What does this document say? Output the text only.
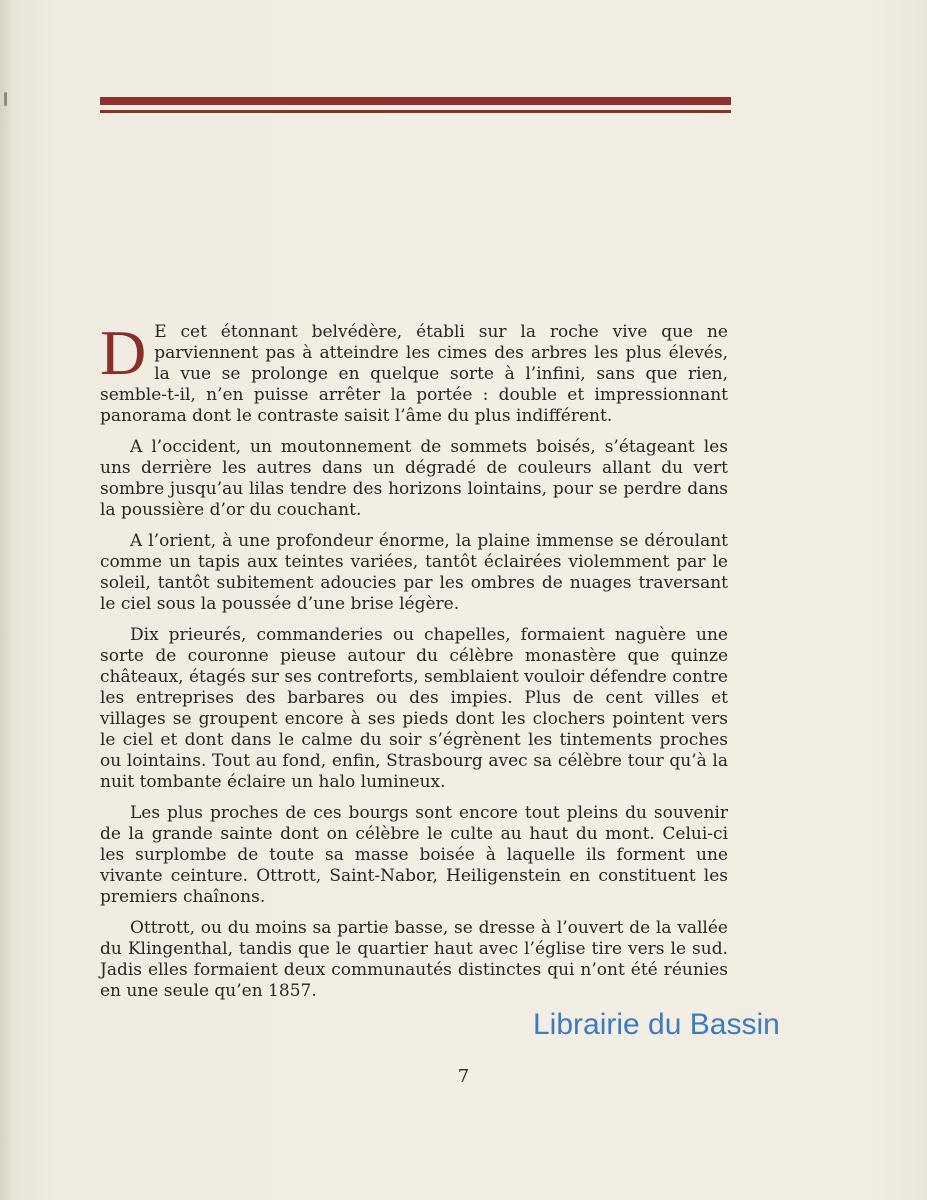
D E cet étonnant belvédère, établi sur la roche vive que ne parviennent pas à atteindre les cimes des arbres les plus élevés, la vue se prolonge en quelque sorte à l’infini, sans que rien, semble-t-il, n’en puisse arrêter la portée : double et impressionnant panorama dont le contraste saisit l’âme du plus indifférent.

A l’occident, un moutonnement de sommets boisés, s’étageant les uns derrière les autres dans un dégradé de couleurs allant du vert sombre jusqu’au lilas tendre des horizons lointains, pour se perdre dans la poussière d’or du couchant.

A l’orient, à une profondeur énorme, la plaine immense se déroulant comme un tapis aux teintes variées, tantôt éclairées violemment par le soleil, tantôt subitement adoucies par les ombres de nuages traversant le ciel sous la poussée d’une brise légère.

Dix prieurés, commanderies ou chapelles, formaient naguère une sorte de couronne pieuse autour du célèbre monastère que quinze châteaux, étagés sur ses contreforts, semblaient vouloir défendre contre les entreprises des barbares ou des impies. Plus de cent villes et villages se groupent encore à ses pieds dont les clochers pointent vers le ciel et dont dans le calme du soir s’égrènent les tintements proches ou lointains. Tout au fond, enfin, Strasbourg avec sa célèbre tour qu’à la nuit tombante éclaire un halo lumineux.

Les plus proches de ces bourgs sont encore tout pleins du souvenir de la grande sainte dont on célèbre le culte au haut du mont. Celui-ci les surplombe de toute sa masse boisée à laquelle ils forment une vivante ceinture. Ottrott, Saint-Nabor, Heiligenstein en constituent les premiers chaînons.

Ottrott, ou du moins sa partie basse, se dresse à l’ouvert de la vallée du Klingenthal, tandis que le quartier haut avec l’église tire vers le sud. Jadis elles formaient deux communautés distinctes qui n’ont été réunies en une seule qu’en 1857.

Librairie du Bassin
7
